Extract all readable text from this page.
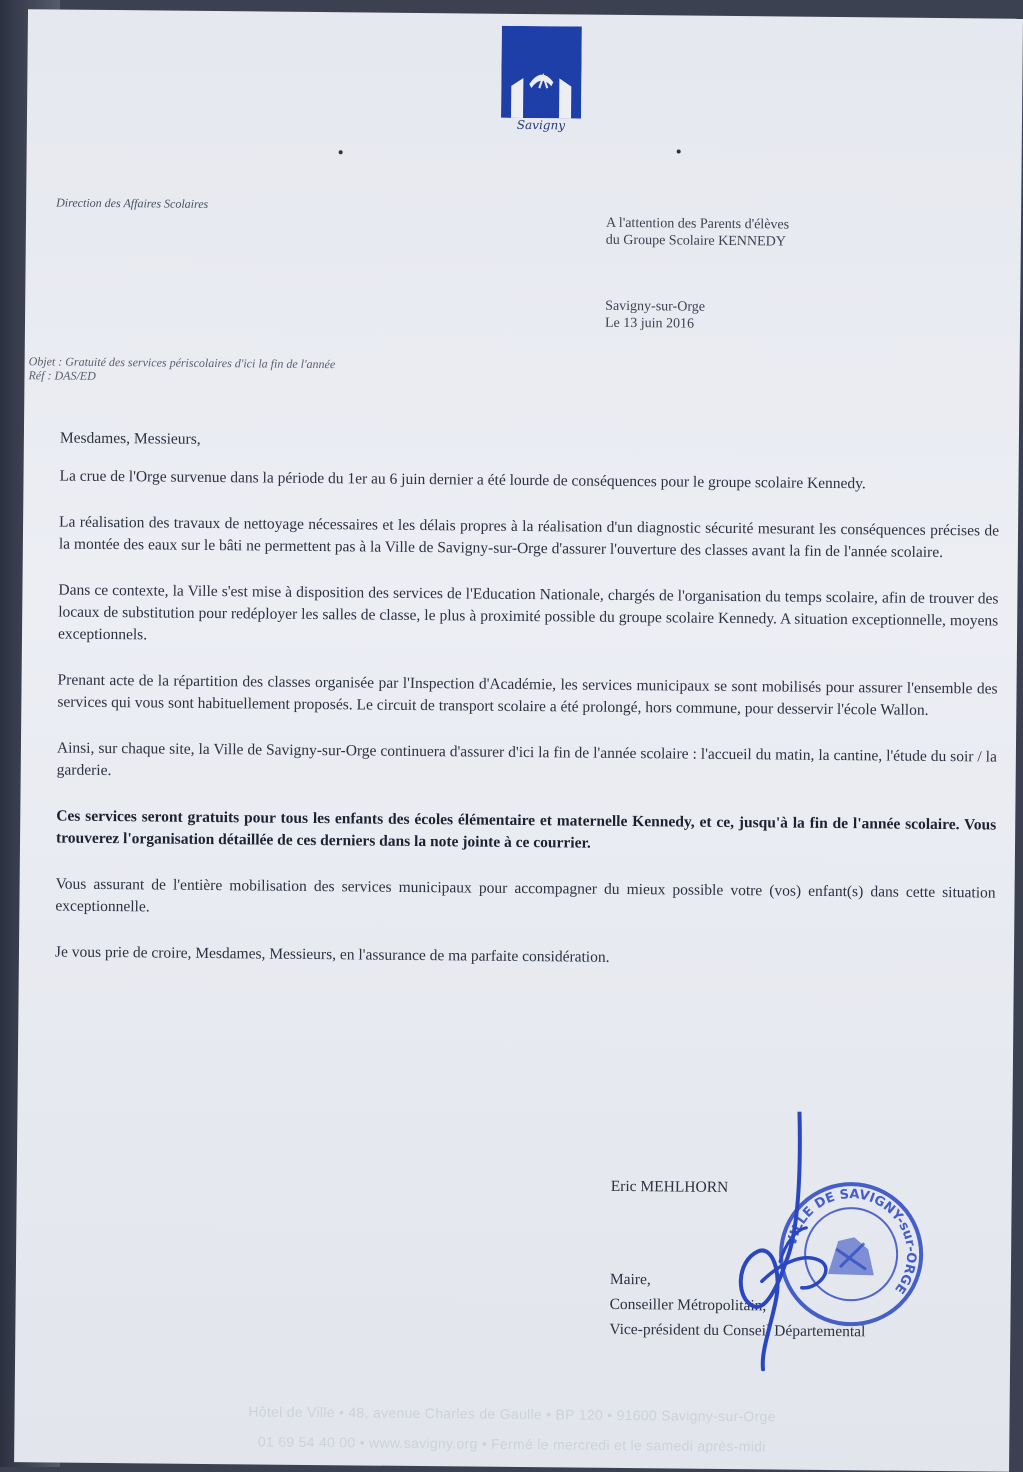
Savigny
Direction des Affaires Scolaires
A l'attention des Parents d'élèves
du Groupe Scolaire KENNEDY
Savigny-sur-Orge
Le 13 juin 2016
Objet : Gratuité des services périscolaires d'ici la fin de l'année
Réf : DAS/ED

Mesdames, Messieurs,

La crue de l'Orge survenue dans la période du 1er au 6 juin dernier a été lourde de conséquences pour le groupe scolaire Kennedy.

La réalisation des travaux de nettoyage nécessaires et les délais propres à la réalisation d'un diagnostic sécurité mesurant les conséquences précises de la montée des eaux sur le bâti ne permettent pas à la Ville de Savigny-sur-Orge d'assurer l'ouverture des classes avant la fin de l'année scolaire.

Dans ce contexte, la Ville s'est mise à disposition des services de l'Education Nationale, chargés de l'organisation du temps scolaire, afin de trouver des locaux de substitution pour redéployer les salles de classe, le plus à proximité possible du groupe scolaire Kennedy. A situation exceptionnelle, moyens exceptionnels.

Prenant acte de la répartition des classes organisée par l'Inspection d'Académie, les services municipaux se sont mobilisés pour assurer l'ensemble des services qui vous sont habituellement proposés. Le circuit de transport scolaire a été prolongé, hors commune, pour desservir l'école Wallon.

Ainsi, sur chaque site, la Ville de Savigny-sur-Orge continuera d'assurer d'ici la fin de l'année scolaire : l'accueil du matin, la cantine, l'étude du soir / la garderie.

Ces services seront gratuits pour tous les enfants des écoles élémentaire et maternelle Kennedy, et ce, jusqu'à la fin de l'année scolaire. Vous trouverez l'organisation détaillée de ces derniers dans la note jointe à ce courrier.

Vous assurant de l'entière mobilisation des services municipaux pour accompagner du mieux possible votre (vos) enfant(s) dans cette situation exceptionnelle.

Je vous prie de croire, Mesdames, Messieurs, en l'assurance de ma parfaite considération.

Eric MEHLHORN
Maire,
Conseiller Métropolitain,
Vice-président du Conseil Départemental
VILLE DE SAVIGNY-sur-ORGE
Hôtel de Ville • 48, avenue Charles de Gaulle • BP 120 • 91600 Savigny-sur-Orge
01 69 54 40 00 • www.savigny.org • Fermé le mercredi et le samedi après-midi
